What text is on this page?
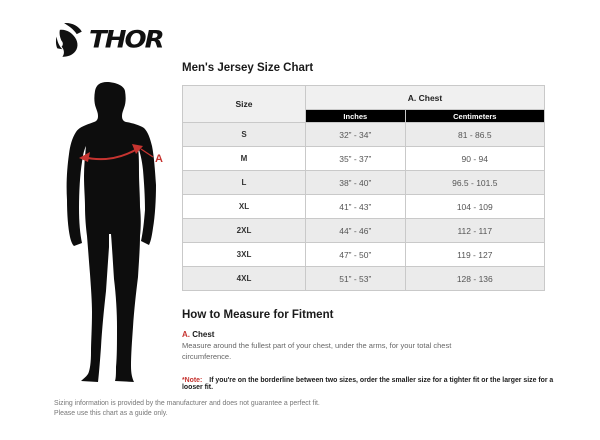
THOR
A
Men's Jersey Size Chart
Size	A. Chest	
	Inches	Centimeters
S	32” - 34”	81 - 86.5
M	35” - 37”	90 - 94
L	38” - 40”	96.5 - 101.5
XL	41” - 43”	104 - 109
2XL	44” - 46”	112 - 117
3XL	47” - 50”	119 - 127
4XL	51” - 53”	128 - 136
How to Measure for Fitment
A. Chest
Measure around the fullest part of your chest, under the arms, for your total chest circumference.
*Note: If you're on the borderline between two sizes, order the smaller size for a tighter fit or the larger size for a looser fit.
Sizing information is provided by the manufacturer and does not guarantee a perfect fit.
Please use this chart as a guide only.
